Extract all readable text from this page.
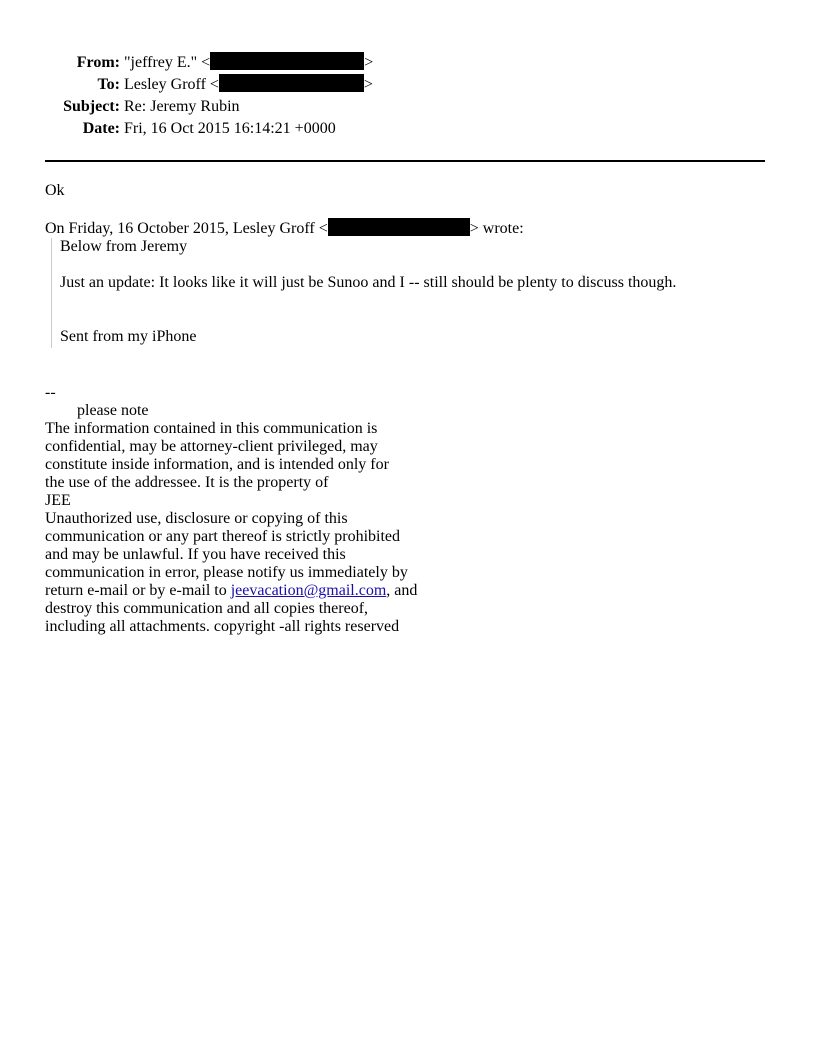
From: "jeffrey E." <	>
To: Lesley Groff <	>
Subject: Re: Jeremy Rubin
Date: Fri, 16 Oct 2015 16:14:21 +0000
Ok
On Friday, 16 October 2015, Lesley Groff <	> wrote:
Below from Jeremy
Just an update: It looks like it will just be Sunoo and I -- still should be plenty to discuss though.
Sent from my iPhone
--
please note
The information contained in this communication is
confidential, may be attorney-client privileged, may
constitute inside information, and is intended only for
the use of the addressee. It is the property of
JEE
Unauthorized use, disclosure or copying of this
communication or any part thereof is strictly prohibited
and may be unlawful. If you have received this
communication in error, please notify us immediately by
return e-mail or by e-mail to jeevacation@gmail.com, and
destroy this communication and all copies thereof,
including all attachments. copyright -all rights reserved
